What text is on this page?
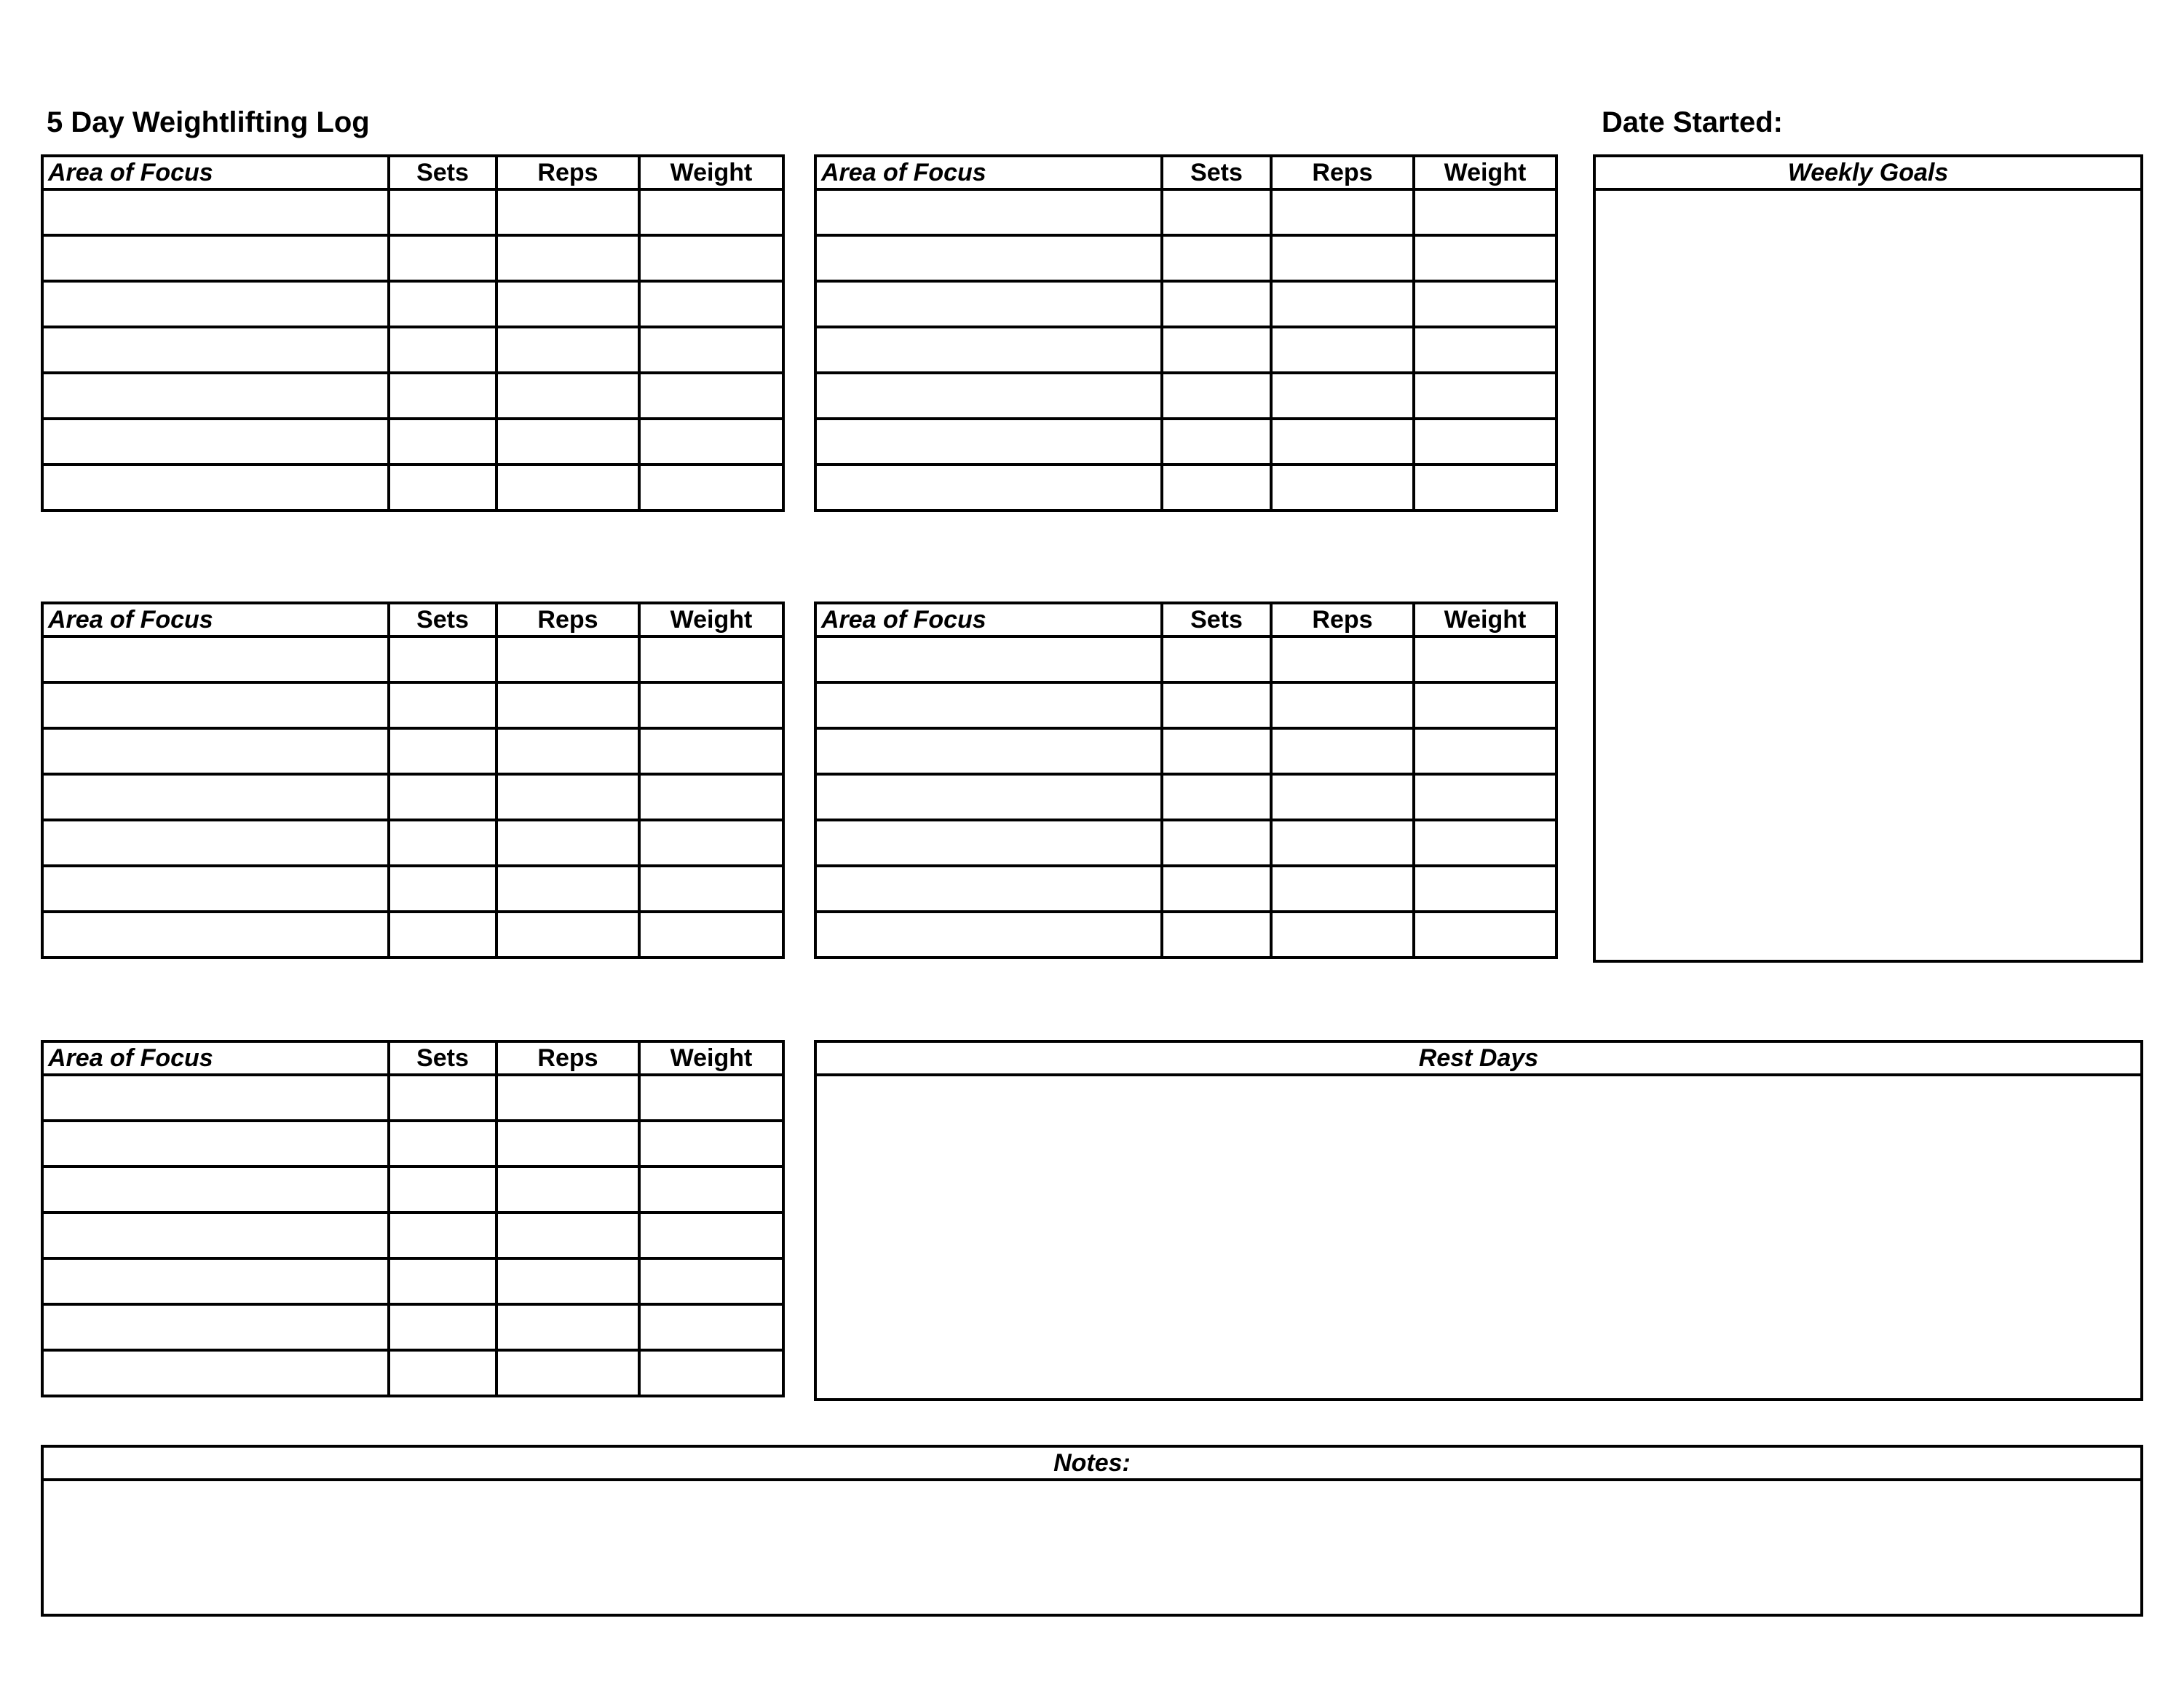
5 Day Weightlifting Log	Date Started:
Area of Focus	Sets	Reps	Weight

				Area of Focus	Sets	Reps	Weight

Area of Focus	Sets	Reps	Weight

				Area of Focus	Sets	Reps	Weight

Area of Focus	Sets	Reps	Weight

Weekly Goals
Rest Days
Notes:
